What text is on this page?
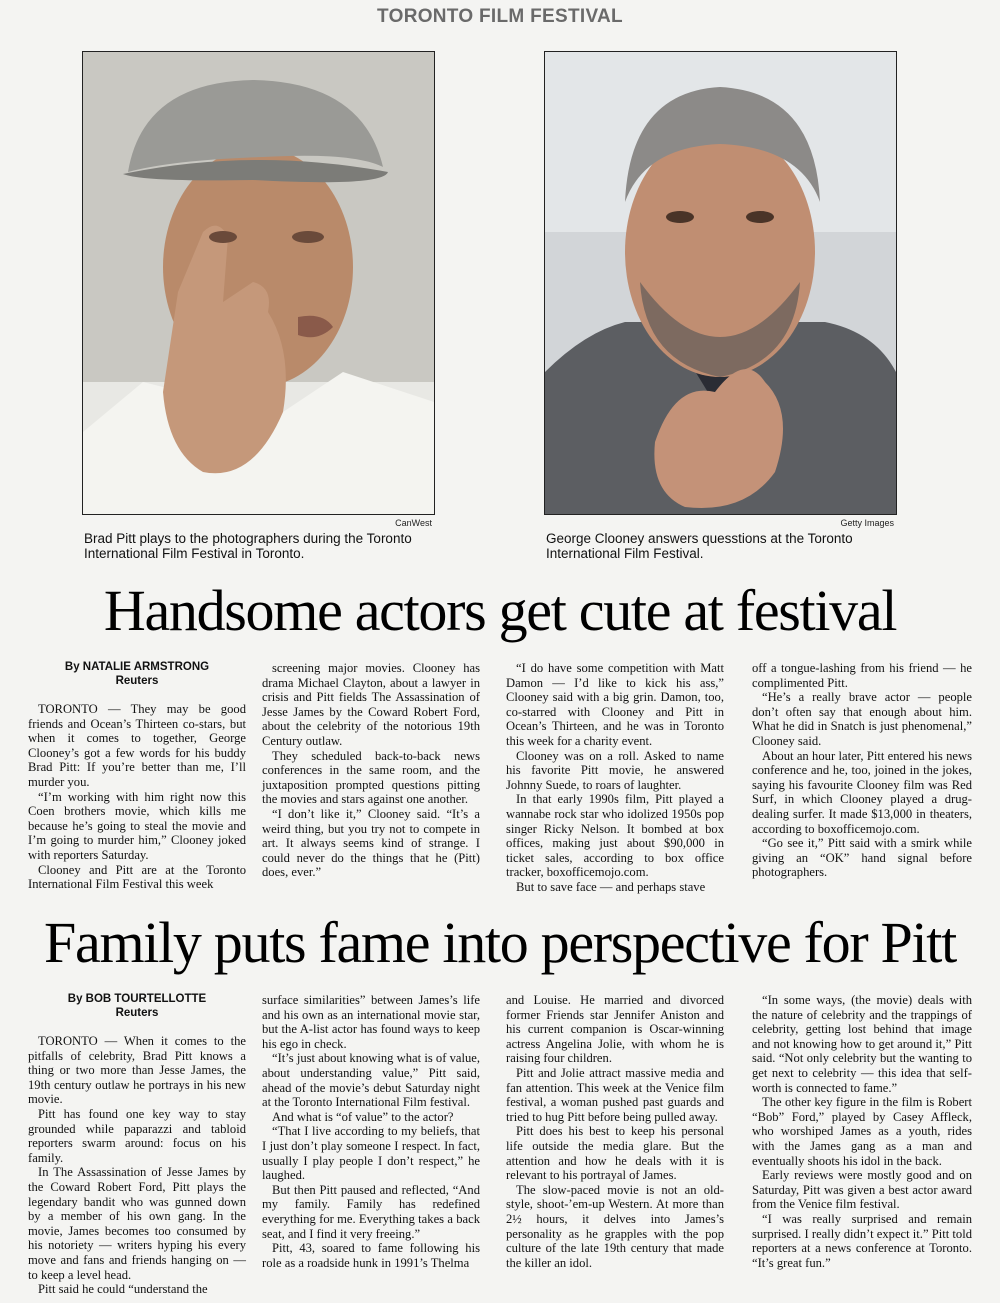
TORONTO FILM FESTIVAL
CanWest
Brad Pitt plays to the photographers during the Toronto International Film Festival in Toronto.
Getty Images
George Clooney answers quesstions at the Toronto International Film Festival.
Handsome actors get cute at festival
By NATALIE ARMSTRONG
Reuters

TORONTO — They may be good friends and Ocean’s Thirteen co-stars, but when it comes to together, George Clooney’s got a few words for his buddy Brad Pitt: If you’re better than me, I’ll murder you.

“I’m working with him right now this Coen brothers movie, which kills me because he’s going to steal the movie and I’m going to murder him,” Clooney joked with reporters Saturday.

Clooney and Pitt are at the Toronto International Film Festival this week

screening major movies. Clooney has drama Michael Clayton, about a lawyer in crisis and Pitt fields The Assassination of Jesse James by the Coward Robert Ford, about the celebrity of the notorious 19th Century outlaw.

They scheduled back-to-back news conferences in the same room, and the juxtaposition prompted questions pitting the movies and stars against one another.

“I don’t like it,” Clooney said. “It’s a weird thing, but you try not to compete in art. It always seems kind of strange. I could never do the things that he (Pitt) does, ever.”

“I do have some competition with Matt Damon — I’d like to kick his ass,” Clooney said with a big grin. Damon, too, co-starred with Clooney and Pitt in Ocean’s Thirteen, and he was in Toronto this week for a charity event.

Clooney was on a roll. Asked to name his favorite Pitt movie, he answered Johnny Suede, to roars of laughter.

In that early 1990s film, Pitt played a wannabe rock star who idolized 1950s pop singer Ricky Nelson. It bombed at box offices, making just about $90,000 in ticket sales, according to box office tracker, boxofficemojo.com.

But to save face — and perhaps stave

off a tongue-lashing from his friend — he complimented Pitt.

“He’s a really brave actor — people don’t often say that enough about him. What he did in Snatch is just phenomenal,” Clooney said.

About an hour later, Pitt entered his news conference and he, too, joined in the jokes, saying his favourite Clooney film was Red Surf, in which Clooney played a drug-dealing surfer. It made $13,000 in theaters, according to boxofficemojo.com.

“Go see it,” Pitt said with a smirk while giving an “OK” hand signal before photographers.

Family puts fame into perspective for Pitt
By BOB TOURTELLOTTE
Reuters

TORONTO — When it comes to the pitfalls of celebrity, Brad Pitt knows a thing or two more than Jesse James, the 19th century outlaw he portrays in his new movie.

Pitt has found one key way to stay grounded while paparazzi and tabloid reporters swarm around: focus on his family.

In The Assassination of Jesse James by the Coward Robert Ford, Pitt plays the legendary bandit who was gunned down by a member of his own gang. In the movie, James becomes too consumed by his notoriety — writers hyping his every move and fans and friends hanging on — to keep a level head.

Pitt said he could “understand the

surface similarities” between James’s life and his own as an international movie star, but the A-list actor has found ways to keep his ego in check.

“It’s just about knowing what is of value, about understanding value,” Pitt said, ahead of the movie’s debut Saturday night at the Toronto International Film festival.

And what is “of value” to the actor?

“That I live according to my beliefs, that I just don’t play someone I respect. In fact, usually I play people I don’t respect,” he laughed.

But then Pitt paused and reflected, “And my family. Family has redefined everything for me. Everything takes a back seat, and I find it very freeing.”

Pitt, 43, soared to fame following his role as a roadside hunk in 1991’s Thelma

and Louise. He married and divorced former Friends star Jennifer Aniston and his current companion is Oscar-winning actress Angelina Jolie, with whom he is raising four children.

Pitt and Jolie attract massive media and fan attention. This week at the Venice film festival, a woman pushed past guards and tried to hug Pitt before being pulled away.

Pitt does his best to keep his personal life outside the media glare. But the attention and how he deals with it is relevant to his portrayal of James.

The slow-paced movie is not an old-style, shoot-’em-up Western. At more than 2½ hours, it delves into James’s personality as he grapples with the pop culture of the late 19th century that made the killer an idol.

“In some ways, (the movie) deals with the nature of celebrity and the trappings of celebrity, getting lost behind that image and not knowing how to get around it,” Pitt said. “Not only celebrity but the wanting to get next to celebrity — this idea that self-worth is connected to fame.”

The other key figure in the film is Robert “Bob” Ford,” played by Casey Affleck, who worshiped James as a youth, rides with the James gang as a man and eventually shoots his idol in the back.

Early reviews were mostly good and on Saturday, Pitt was given a best actor award from the Venice film festival.

“I was really surprised and remain surprised. I really didn’t expect it.” Pitt told reporters at a news conference at Toronto. “It’s great fun.”
